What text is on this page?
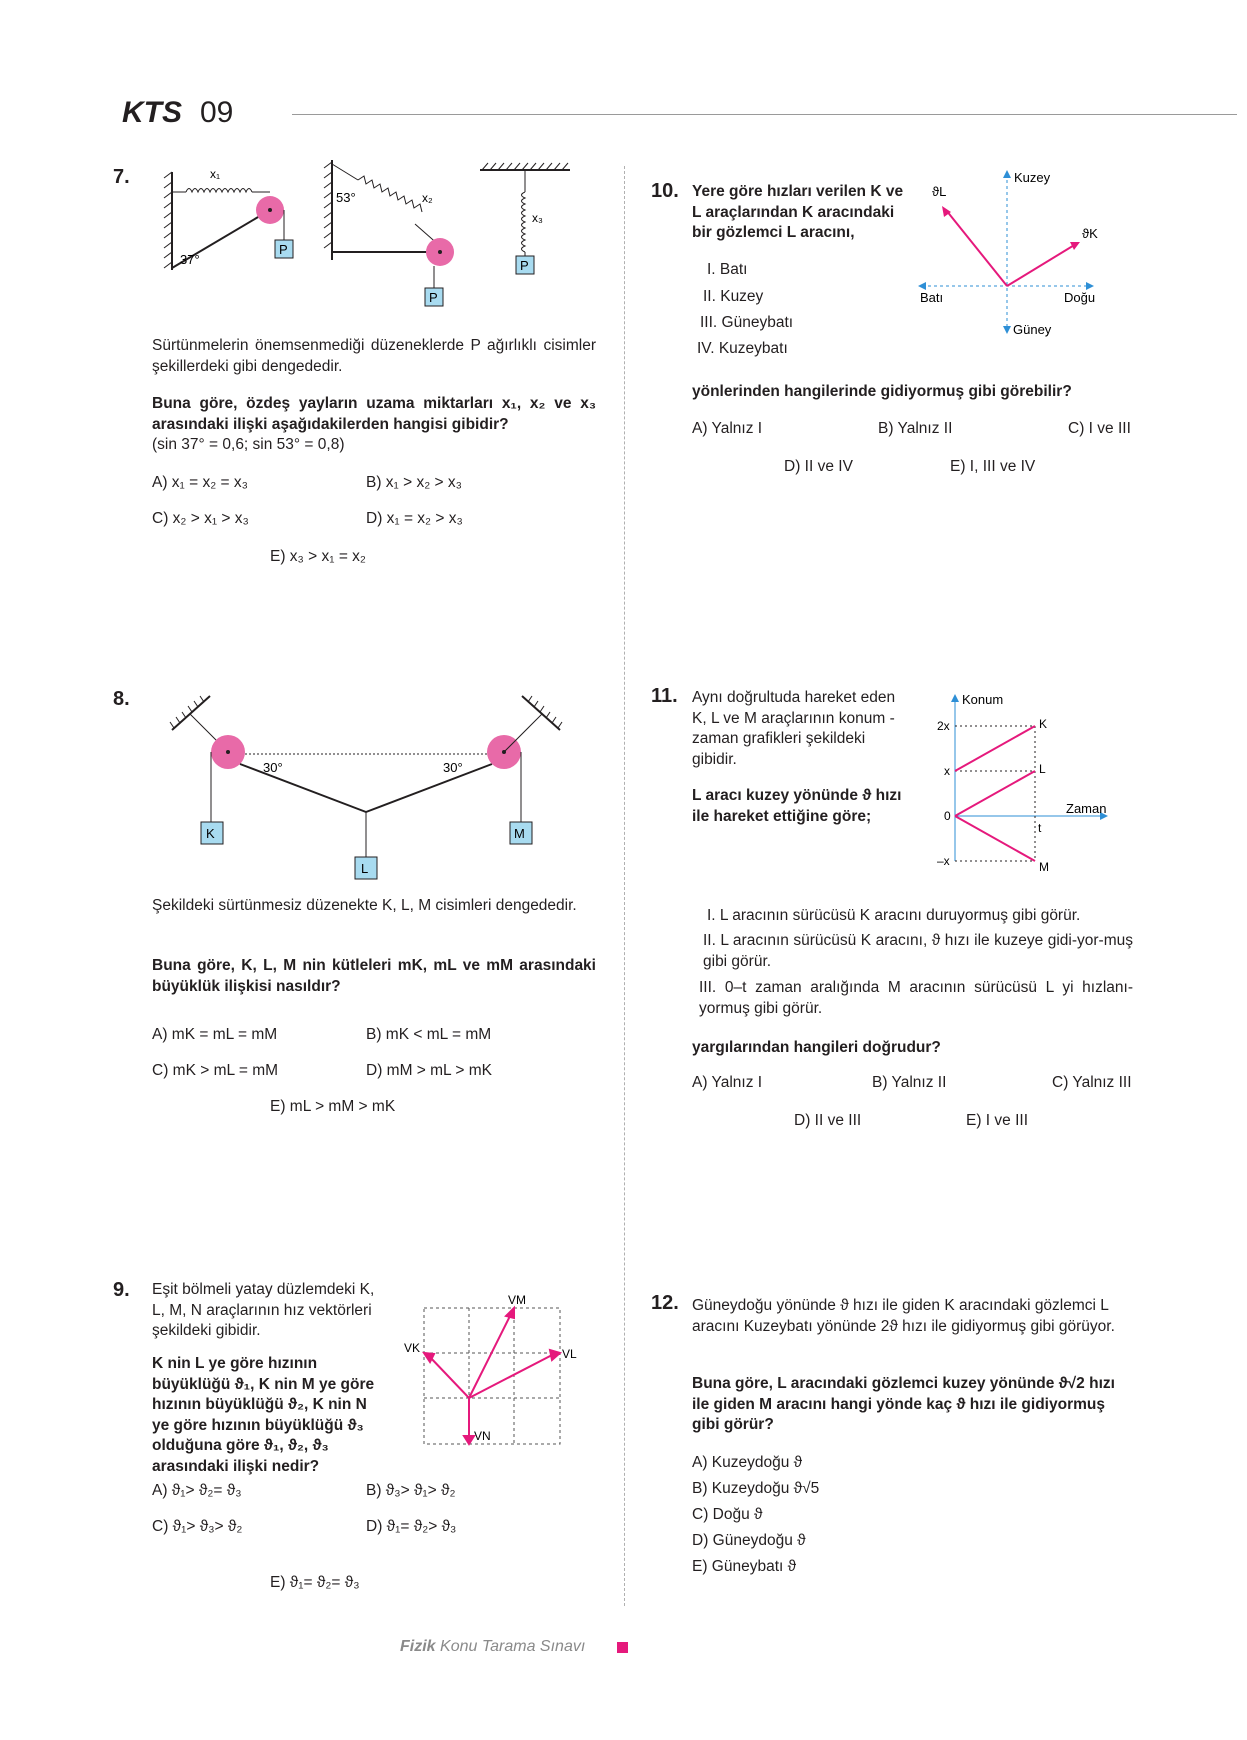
KTS 09
7.
P
x₁
37°
P
53°	x₂
P
x₃
Sürtünmelerin önemsenmediği düzeneklerde P ağırlıklı cisimler şekillerdeki gibi dengededir.
Buna göre, özdeş yayların uzama miktarları x₁, x₂ ve x₃ arasındaki ilişki aşağıdakilerden hangisi gibidir?
(sin 37° = 0,6; sin 53° = 0,8)
A) x₁ = x₂ = x₃	B) x₁ > x₂ > x₃
C) x₂ > x₁ > x₃	D) x₁ = x₂ > x₃
E) x₃ > x₁ = x₂
8.
K
L
30°	30°
M
Şekildeki sürtünmesiz düzenekte K, L, M cisimleri dengededir.
Buna göre, K, L, M nin kütleleri mK, mL ve mM arasındaki büyüklük ilişkisi nasıldır?
A) mK = mL = mM	B) mK < mL = mM
C) mK > mL = mM	D) mM > mL > mK
E) mL > mM > mK
9. Eşit bölmeli yatay düzlemdeki K, L, M, N araçlarının hız vektörleri şekildeki gibidir.
K nin L ye göre hızının büyüklüğü ϑ₁, K nin M ye göre hızının büyüklüğü ϑ₂, K nin N ye göre hızının büyüklüğü ϑ₃ olduğuna göre ϑ₁, ϑ₂, ϑ₃ arasındaki ilişki nedir?
VM
VK	VL
VN
A) ϑ₁> ϑ₂= ϑ₃	B) ϑ₃> ϑ₁> ϑ₂
C) ϑ₁> ϑ₃> ϑ₂	D) ϑ₁= ϑ₂> ϑ₃
E) ϑ₁= ϑ₂= ϑ₃
10. Yere göre hızları verilen K ve L araçlarından K aracındaki bir gözlemci L aracını,
I. Batı
II. Kuzey
III. Güneybatı
IV. Kuzeybatı
Kuzey
Güney
Batı	Doğu
ϑL
ϑK
yönlerinden hangilerinde gidiyormuş gibi görebilir?
A) Yalnız I	B) Yalnız II	C) I ve III
D) II ve IV	E) I, III ve IV
11. Aynı doğrultuda hareket eden K, L ve M araçlarının konum -zaman grafikleri şekildeki gibidir.
L aracı kuzey yönünde ϑ hızı ile hareket ettiğine göre;
Konum
Zaman
K
L
M
–x
0
x
2x
t
I. L aracının sürücüsü K aracını duruyormuş gibi görür.
II. L aracının sürücüsü K aracını, ϑ hızı ile kuzeye gidi-yor-muş gibi görür.
III. 0–t zaman aralığında M aracının sürücüsü L yi hızlanı-yormuş gibi görür.
yargılarından hangileri doğrudur?
A) Yalnız I	B) Yalnız II	C) Yalnız III
D) II ve III	E) I ve III
12. Güneydoğu yönünde ϑ hızı ile giden K aracındaki gözlemci L aracını Kuzeybatı yönünde 2ϑ hızı ile gidiyormuş gibi görüyor.
Buna göre, L aracındaki gözlemci kuzey yönünde ϑ√2 hızı ile giden M aracını hangi yönde kaç ϑ hızı ile gidiyormuş gibi görür?
A) Kuzeydoğu ϑ
B) Kuzeydoğu ϑ√5
C) Doğu ϑ
D) Güneydoğu ϑ
E) Güneybatı ϑ
Fizik Konu Tarama Sınavı
